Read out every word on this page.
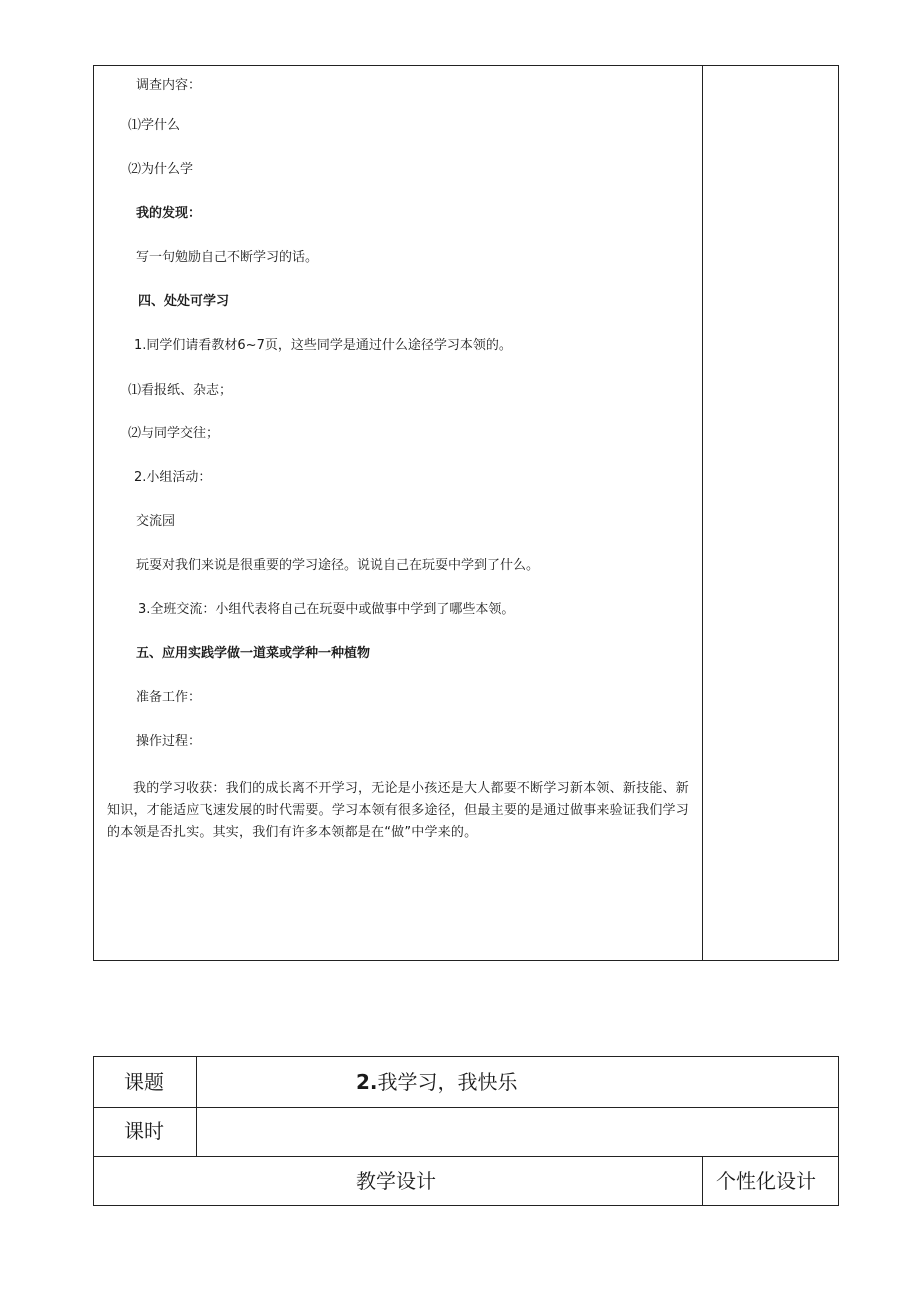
调查内容：
⑴学什么
⑵为什么学
我的发现：
写一句勉励自己不断学习的话。
四、处处可学习
1.同学们请看教材6~7页，这些同学是通过什么途径学习本领的。
⑴看报纸、杂志；
⑵与同学交往；
2.小组活动：
交流园
玩耍对我们来说是很重要的学习途径。说说自己在玩耍中学到了什么。
3.全班交流：小组代表将自己在玩耍中或做事中学到了哪些本领。
五、应用实践学做一道菜或学种一种植物
准备工作：
操作过程：
我的学习收获：我们的成长离不开学习，无论是小孩还是大人都要不断学习新本领、新技能、新知识，才能适应飞速发展的时代需要。学习本领有很多途径，但最主要的是通过做事来验证我们学习的本领是否扎实。其实，我们有许多本领都是在“做”中学来的。
课题	2.我学习，我快乐
课时
教学设计	个性化设计
